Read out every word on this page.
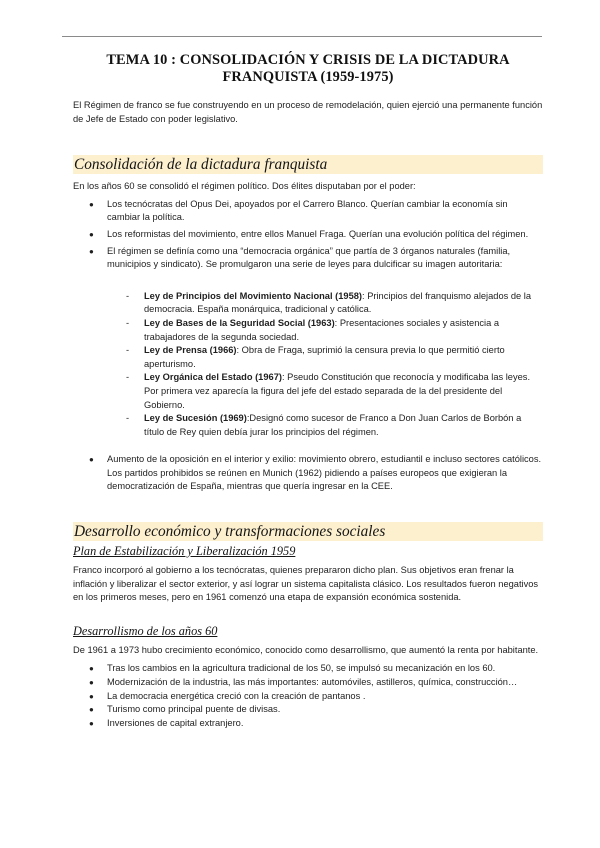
TEMA 10 : CONSOLIDACIÓN Y CRISIS DE LA DICTADURA
FRANQUISTA (1959-1975)

El Régimen de franco se fue construyendo en un proceso de remodelación, quien ejerció una permanente función de Jefe de Estado con poder legislativo.

Consolidación de la dictadura franquista

En los años 60 se consolidó el régimen político. Dos élites disputaban por el poder:

● Los tecnócratas del Opus Dei, apoyados por el Carrero Blanco. Querían cambiar la economía sin cambiar la política.
● Los reformistas del movimiento, entre ellos Manuel Fraga. Querían una evolución política del régimen.
● El régimen se definía como una “democracia orgánica” que partía de 3 órganos naturales (familia, municipios y sindicato). Se promulgaron una serie de leyes para dulcificar su imagen autoritaria:
- Ley de Principios del Movimiento Nacional (1958): Principios del franquismo alejados de la democracia. España monárquica, tradicional y católica.
- Ley de Bases de la Seguridad Social (1963): Presentaciones sociales y asistencia a trabajadores de la segunda sociedad.
- Ley de Prensa (1966): Obra de Fraga, suprimió la censura previa lo que permitió cierto aperturismo.
- Ley Orgánica del Estado (1967): Pseudo Constitución que reconocía y modificaba las leyes. Por primera vez aparecía la figura del jefe del estado separada de la del presidente del Gobierno.
- Ley de Sucesión (1969):Designó como sucesor de Franco a Don Juan Carlos de Borbón a título de Rey quien debía jurar los principios del régimen.
● Aumento de la oposición en el interior y exilio: movimiento obrero, estudiantil e incluso sectores católicos. Los partidos prohibidos se reúnen en Munich (1962) pidiendo a países europeos que exigieran la democratización de España, mientras que quería ingresar en la CEE.
Desarrollo económico y transformaciones sociales
Plan de Estabilización y Liberalización 1959

Franco incorporó al gobierno a los tecnócratas, quienes prepararon dicho plan. Sus objetivos eran frenar la inflación y liberalizar el sector exterior, y así lograr un sistema capitalista clásico. Los resultados fueron negativos en los primeros meses, pero en 1961 comenzó una etapa de expansión económica sostenida.

Desarrollismo de los años 60

De 1961 a 1973 hubo crecimiento económico, conocido como desarrollismo, que aumentó la renta por habitante.

● Tras los cambios en la agricultura tradicional de los 50, se impulsó su mecanización en los 60.
● Modernización de la industria, las más importantes: automóviles, astilleros, química, construcción…
● La democracia energética creció con la creación de pantanos .
● Turismo como principal puente de divisas.
● Inversiones de capital extranjero.
